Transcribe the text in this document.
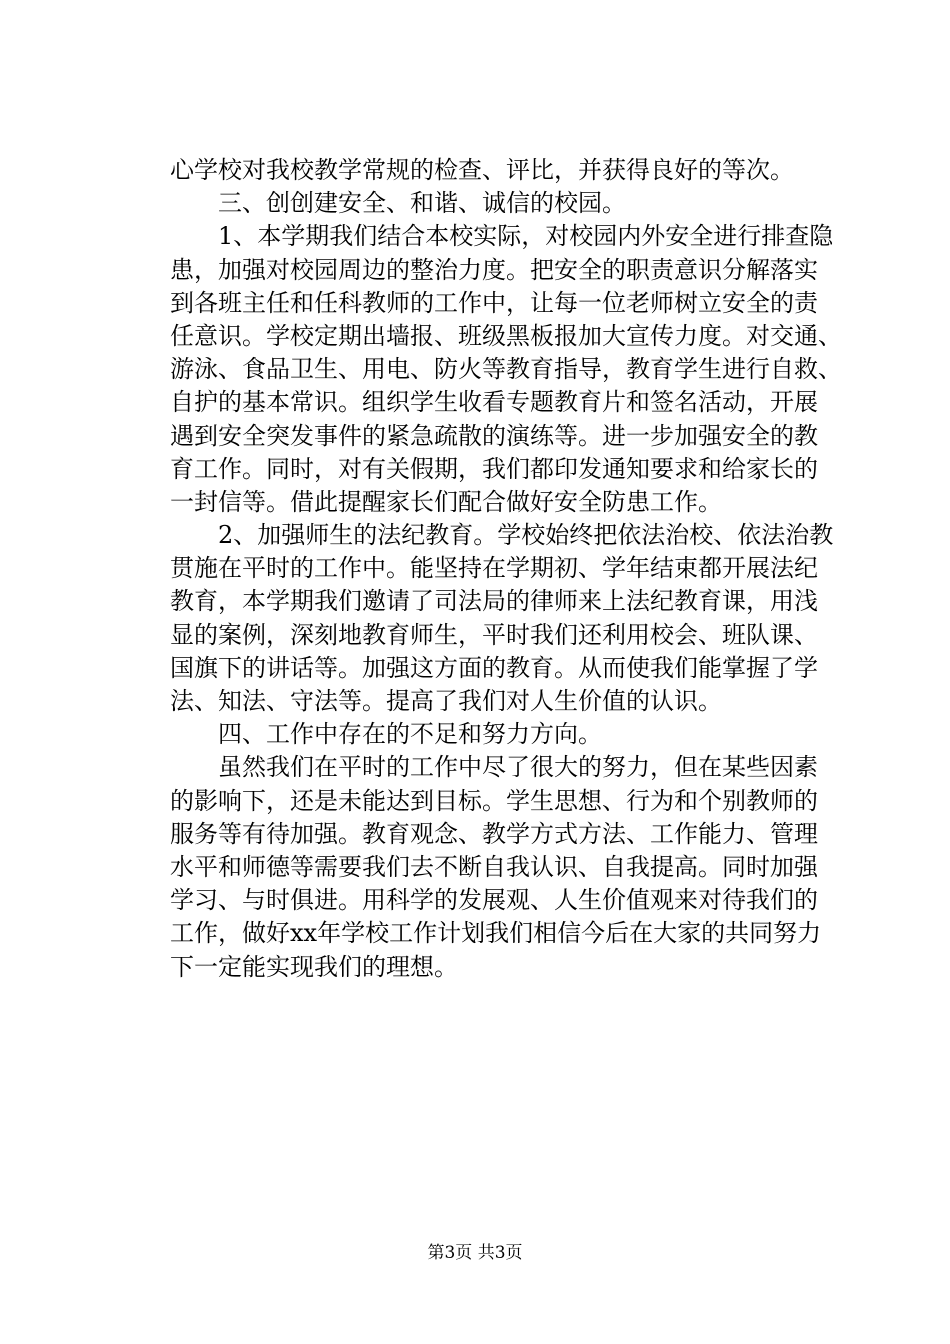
心学校对我校教学常规的检查、评比，并获得良好的等次。
三、创创建安全、和谐、诚信的校园。
1、本学期我们结合本校实际，对校园内外安全进行排查隐
患，加强对校园周边的整治力度。把安全的职责意识分解落实
到各班主任和任科教师的工作中，让每一位老师树立安全的责
任意识。学校定期出墙报、班级黑板报加大宣传力度。对交通、
游泳、食品卫生、用电、防火等教育指导，教育学生进行自救、
自护的基本常识。组织学生收看专题教育片和签名活动，开展
遇到安全突发事件的紧急疏散的演练等。进一步加强安全的教
育工作。同时，对有关假期，我们都印发通知要求和给家长的
一封信等。借此提醒家长们配合做好安全防患工作。
2、加强师生的法纪教育。学校始终把依法治校、依法治教
贯施在平时的工作中。能坚持在学期初、学年结束都开展法纪
教育，本学期我们邀请了司法局的律师来上法纪教育课，用浅
显的案例，深刻地教育师生，平时我们还利用校会、班队课、
国旗下的讲话等。加强这方面的教育。从而使我们能掌握了学
法、知法、守法等。提高了我们对人生价值的认识。
四、工作中存在的不足和努力方向。
虽然我们在平时的工作中尽了很大的努力，但在某些因素
的影响下，还是未能达到目标。学生思想、行为和个别教师的
服务等有待加强。教育观念、教学方式方法、工作能力、管理
水平和师德等需要我们去不断自我认识、自我提高。同时加强
学习、与时俱进。用科学的发展观、人生价值观来对待我们的
工作，做好xx年学校工作计划我们相信今后在大家的共同努力
下一定能实现我们的理想。
第3页 共3页
